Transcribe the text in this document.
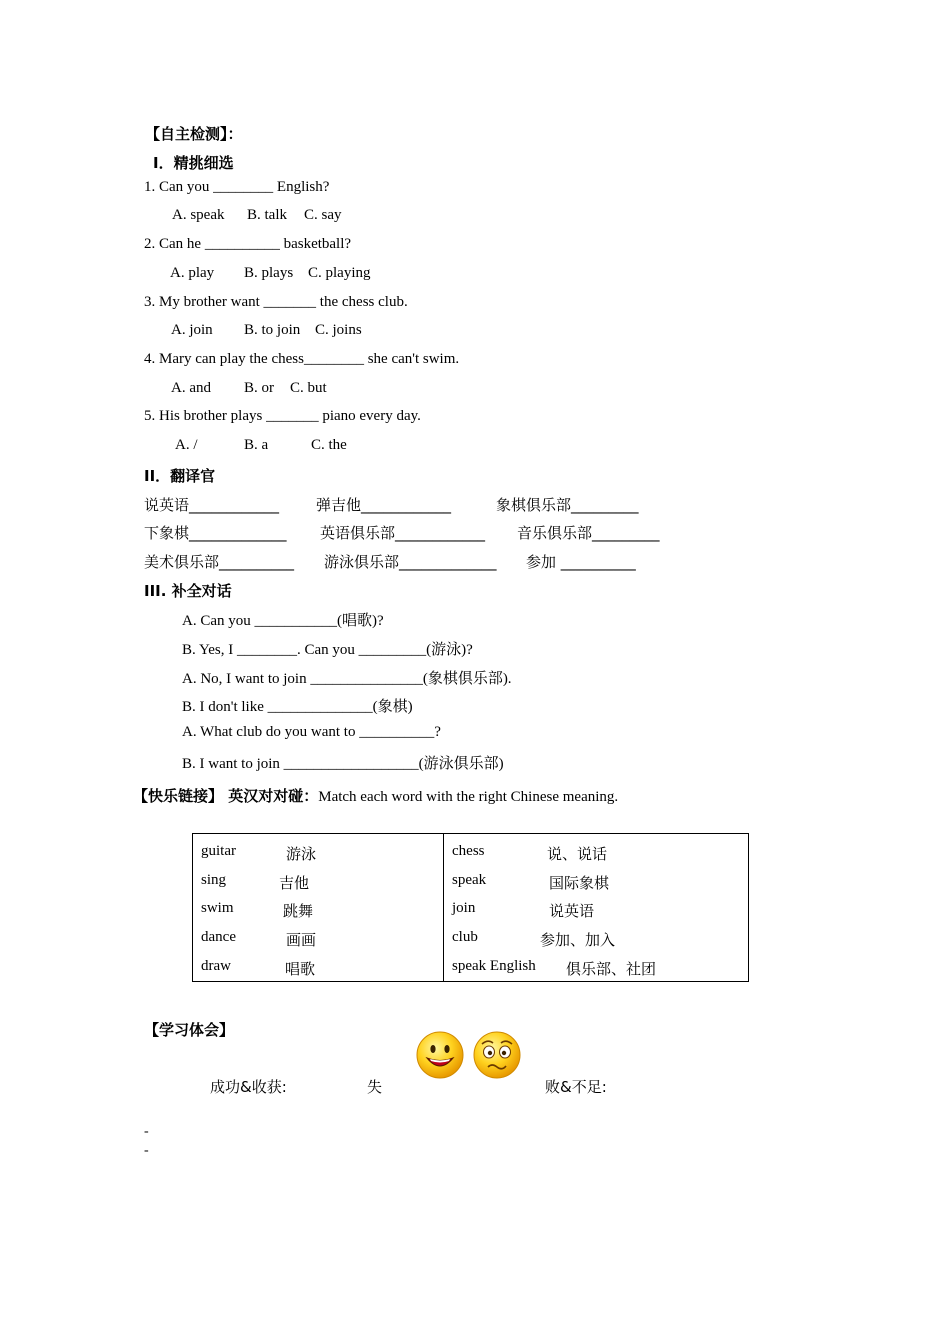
【自主检测】：
I．精挑细选
1. Can you ________ English?
A. speak B. talk C. say
2. Can he __________ basketball?
A. play B. plays C. playing
3. My brother want _______ the chess club.
A. join B. to join C. joins
4. Mary can play the chess________ she can't swim.
A. and B. or C. but
5. His brother plays _______ piano every day.
A. /	B. a	C. the
II．翻译官
说英语____________ 弹吉他____________	象棋俱乐部_________
下象棋_____________ 英语俱乐部____________ 音乐俱乐部_________
美术俱乐部__________ 游泳俱乐部_____________ 参加 __________
III. 补全对话
A. Can you ___________(唱歌)?
B. Yes, I ________. Can you _________(游泳)?
A. No, I want to join _______________(象棋俱乐部).
B. I don't like ______________(象棋)
A. What club do you want to __________?
B. I want to join __________________(游泳俱乐部)
【快乐链接】 英汉对对碰：Match each word with the right Chinese meaning.
guitar	游泳
sing	吉他
swim	跳舞
dance	画画
draw	唱歌

chess	说、说话
speak	国际象棋
join	说英语
club	参加、加入
speak English 俱乐部、社团
【学习体会】
成功&收获:	失	败&不足:
-
-
